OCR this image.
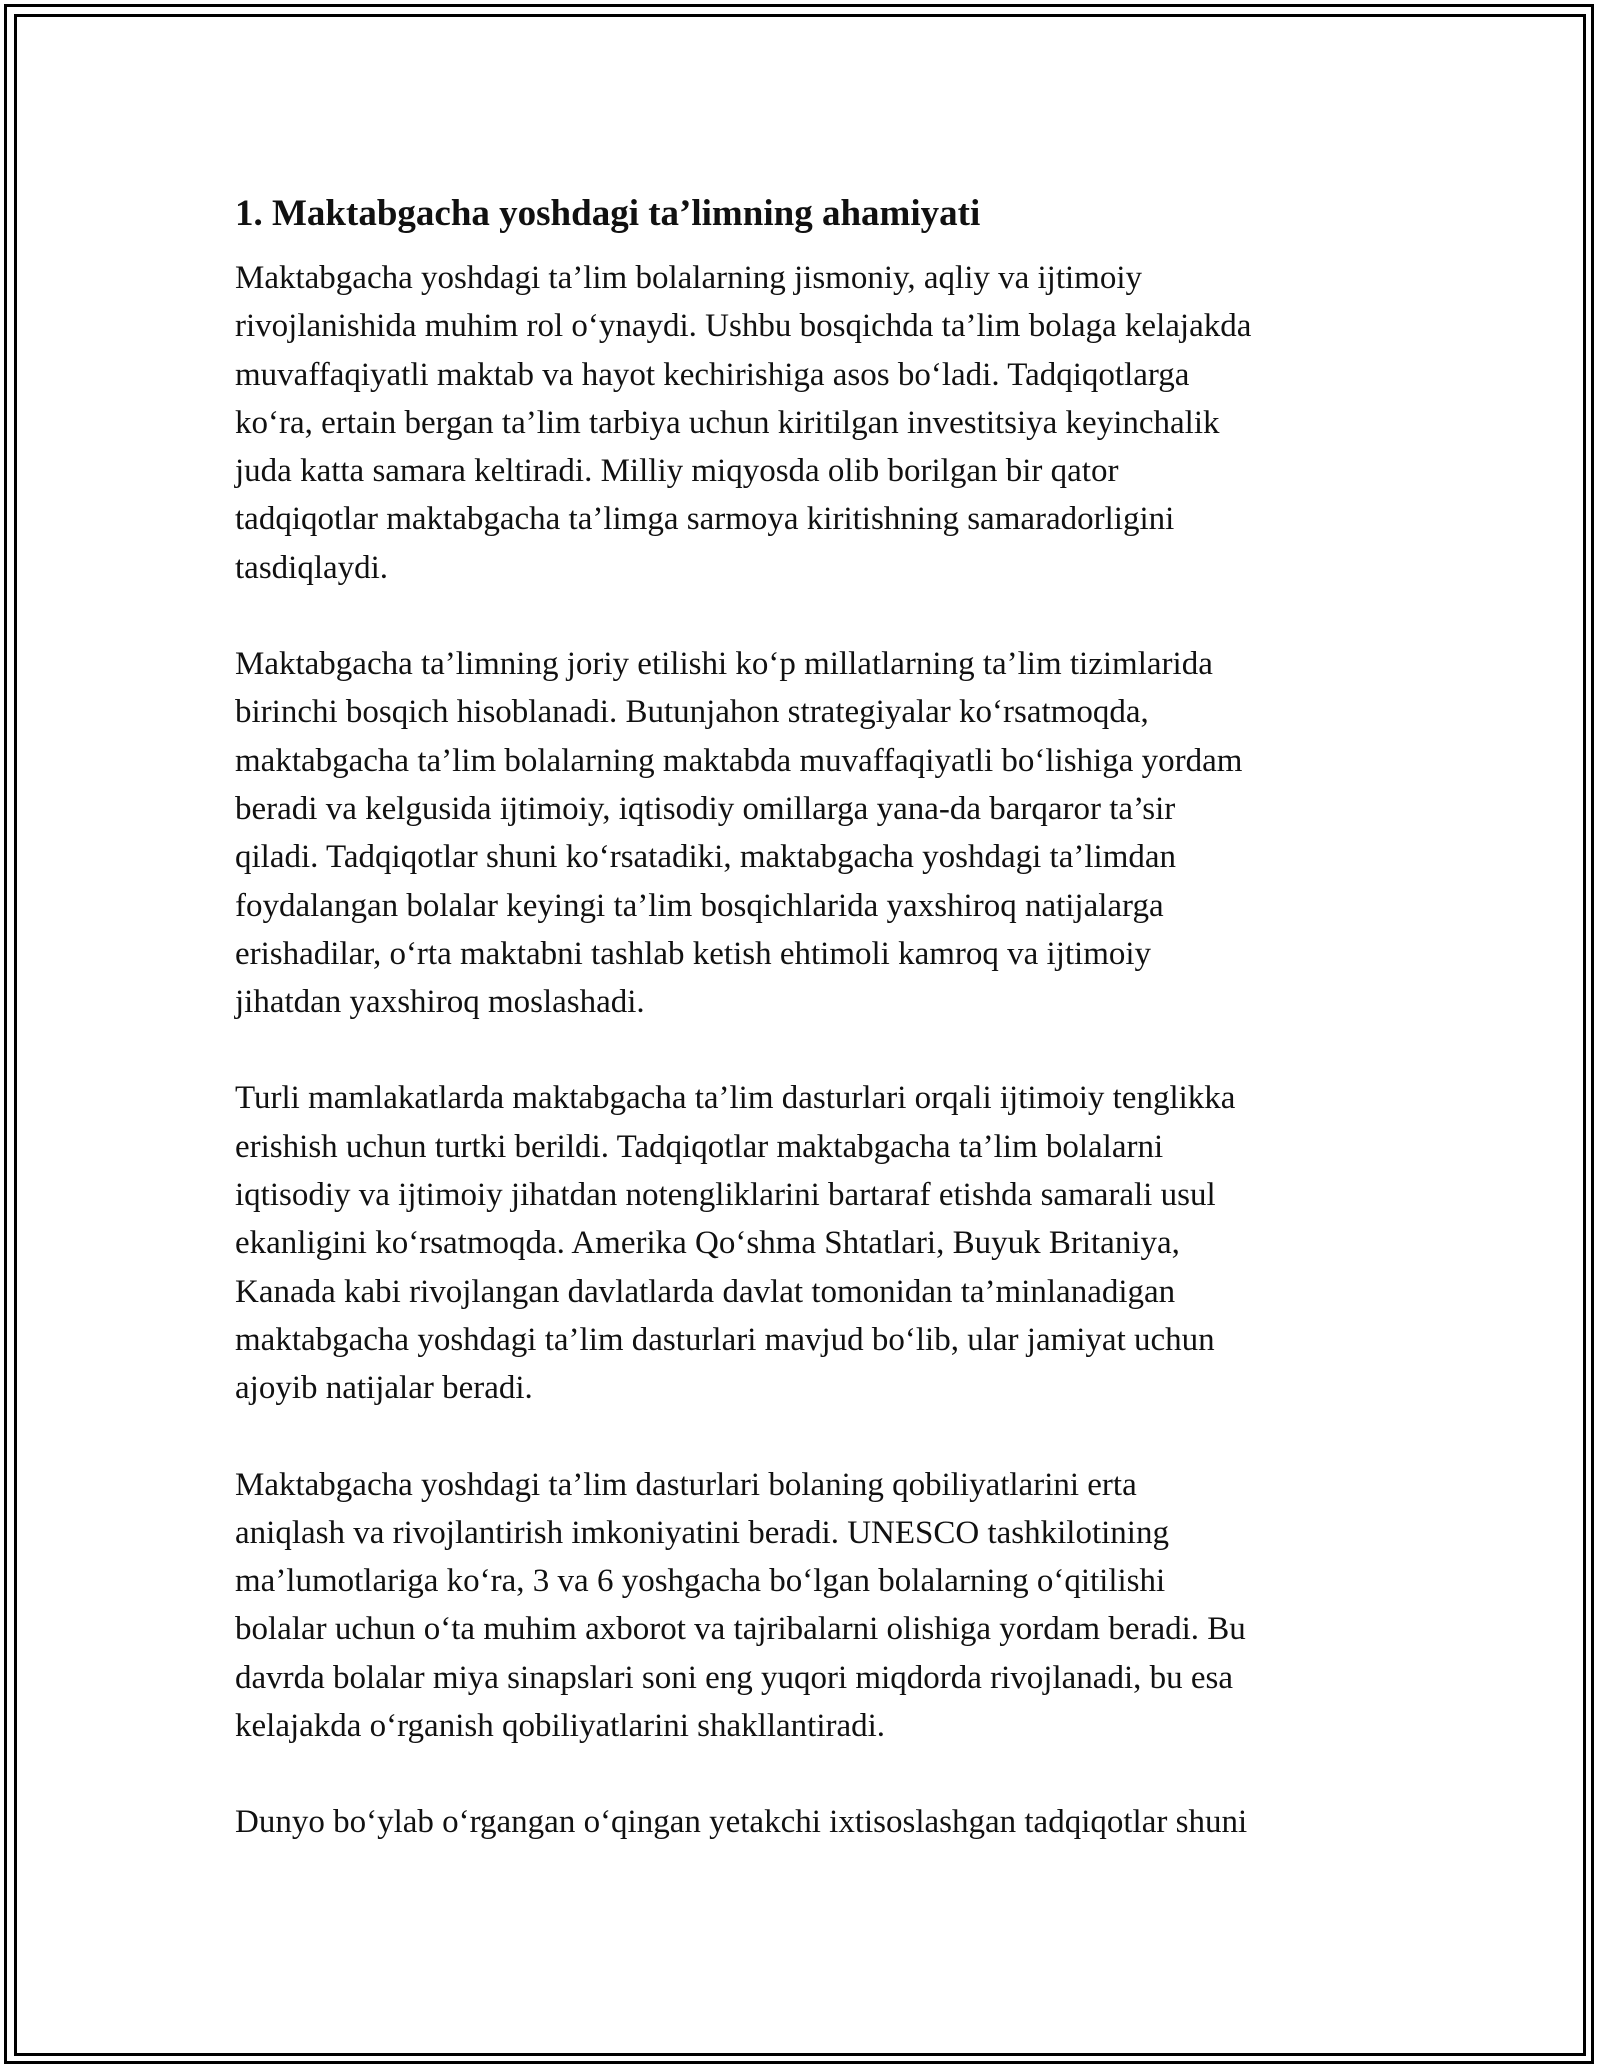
1. Maktabgacha yoshdagi ta’limning ahamiyati

Maktabgacha yoshdagi ta’lim bolalarning jismoniy, aqliy va ijtimoiy
rivojlanishida muhim rol o‘ynaydi. Ushbu bosqichda ta’lim bolaga kelajakda
muvaffaqiyatli maktab va hayot kechirishiga asos bo‘ladi. Tadqiqotlarga
ko‘ra, ertain bergan ta’lim tarbiya uchun kiritilgan investitsiya keyinchalik
juda katta samara keltiradi. Milliy miqyosda olib borilgan bir qator
tadqiqotlar maktabgacha ta’limga sarmoya kiritishning samaradorligini
tasdiqlaydi.

Maktabgacha ta’limning joriy etilishi ko‘p millatlarning ta’lim tizimlarida
birinchi bosqich hisoblanadi. Butunjahon strategiyalar ko‘rsatmoqda,
maktabgacha ta’lim bolalarning maktabda muvaffaqiyatli bo‘lishiga yordam
beradi va kelgusida ijtimoiy, iqtisodiy omillarga yana-da barqaror ta’sir
qiladi. Tadqiqotlar shuni ko‘rsatadiki, maktabgacha yoshdagi ta’limdan
foydalangan bolalar keyingi ta’lim bosqichlarida yaxshiroq natijalarga
erishadilar, o‘rta maktabni tashlab ketish ehtimoli kamroq va ijtimoiy
jihatdan yaxshiroq moslashadi.

Turli mamlakatlarda maktabgacha ta’lim dasturlari orqali ijtimoiy tenglikka
erishish uchun turtki berildi. Tadqiqotlar maktabgacha ta’lim bolalarni
iqtisodiy va ijtimoiy jihatdan notengliklarini bartaraf etishda samarali usul
ekanligini ko‘rsatmoqda. Amerika Qo‘shma Shtatlari, Buyuk Britaniya,
Kanada kabi rivojlangan davlatlarda davlat tomonidan ta’minlanadigan
maktabgacha yoshdagi ta’lim dasturlari mavjud bo‘lib, ular jamiyat uchun
ajoyib natijalar beradi.

Maktabgacha yoshdagi ta’lim dasturlari bolaning qobiliyatlarini erta
aniqlash va rivojlantirish imkoniyatini beradi. UNESCO tashkilotining
ma’lumotlariga ko‘ra, 3 va 6 yoshgacha bo‘lgan bolalarning o‘qitilishi
bolalar uchun o‘ta muhim axborot va tajribalarni olishiga yordam beradi. Bu
davrda bolalar miya sinapslari soni eng yuqori miqdorda rivojlanadi, bu esa
kelajakda o‘rganish qobiliyatlarini shakllantiradi.

Dunyo bo‘ylab o‘rgangan o‘qingan yetakchi ixtisoslashgan tadqiqotlar shuni
